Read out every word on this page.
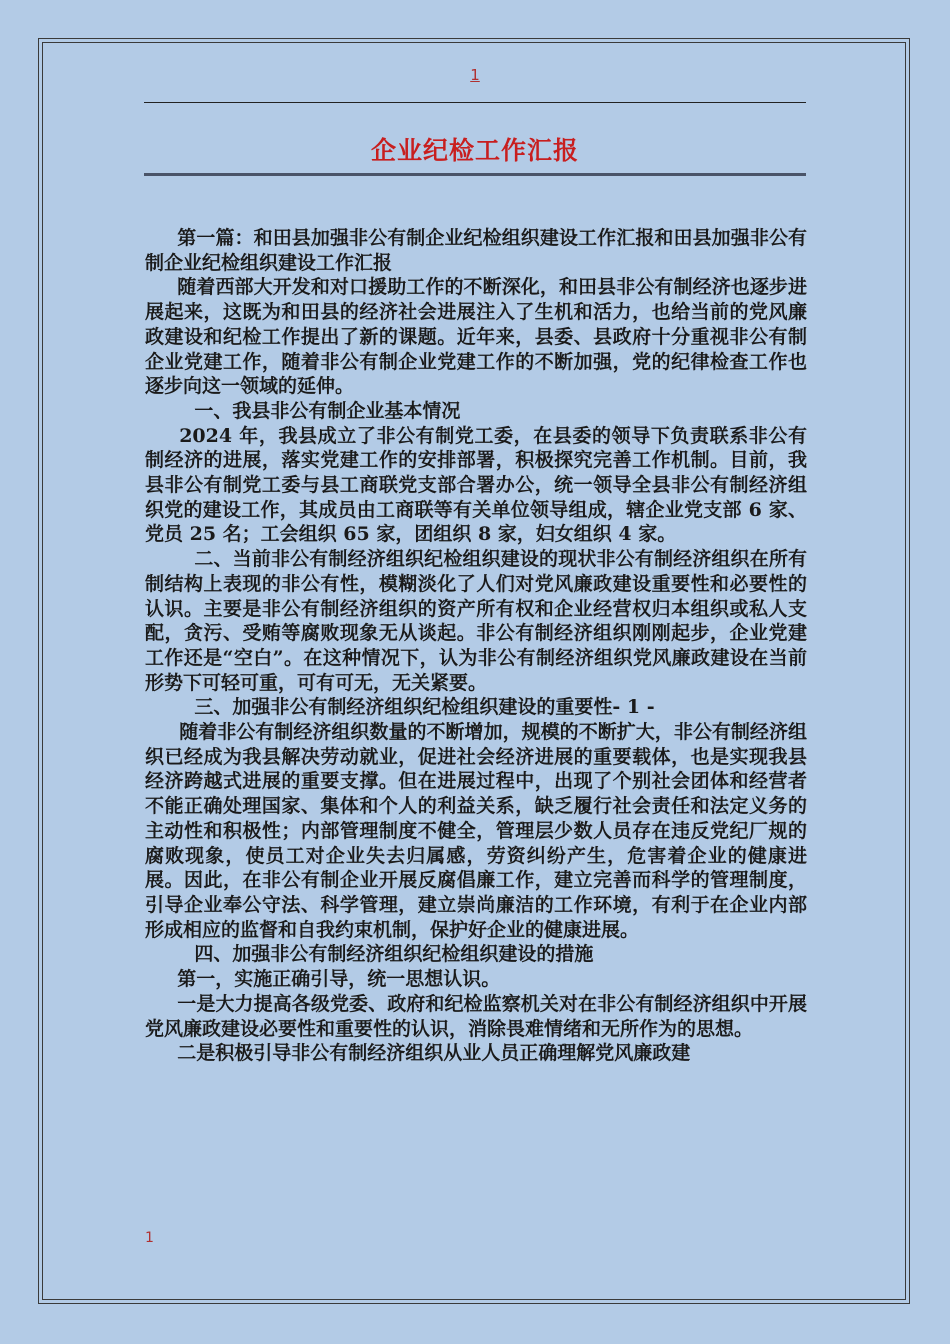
1
企业纪检工作汇报

第一篇：和田县加强非公有制企业纪检组织建设工作汇报和田县加强非公有制企业纪检组织建设工作汇报

随着西部大开发和对口援助工作的不断深化，和田县非公有制经济也逐步进展起来，这既为和田县的经济社会进展注入了生机和活力，也给当前的党风廉政建设和纪检工作提出了新的课题。近年来，县委、县政府十分重视非公有制企业党建工作，随着非公有制企业党建工作的不断加强，党的纪律检查工作也逐步向这一领域的延伸。

一、我县非公有制企业基本情况

2024 年，我县成立了非公有制党工委，在县委的领导下负责联系非公有制经济的进展，落实党建工作的安排部署，积极探究完善工作机制。目前，我县非公有制党工委与县工商联党支部合署办公，统一领导全县非公有制经济组织党的建设工作，其成员由工商联等有关单位领导组成，辖企业党支部 6 家、党员 25 名；工会组织 65 家，团组织 8 家，妇女组织 4 家。

二、当前非公有制经济组织纪检组织建设的现状非公有制经济组织在所有制结构上表现的非公有性，模糊淡化了人们对党风廉政建设重要性和必要性的认识。主要是非公有制经济组织的资产所有权和企业经营权归本组织或私人支配，贪污、受贿等腐败现象无从谈起。非公有制经济组织刚刚起步，企业党建工作还是“空白”。在这种情况下，认为非公有制经济组织党风廉政建设在当前形势下可轻可重，可有可无，无关紧要。

三、加强非公有制经济组织纪检组织建设的重要性- 1 -

随着非公有制经济组织数量的不断增加，规模的不断扩大，非公有制经济组织已经成为我县解决劳动就业，促进社会经济进展的重要载体，也是实现我县经济跨越式进展的重要支撑。但在进展过程中，出现了个别社会团体和经营者不能正确处理国家、集体和个人的利益关系，缺乏履行社会责任和法定义务的主动性和积极性；内部管理制度不健全，管理层少数人员存在违反党纪厂规的腐败现象，使员工对企业失去归属感，劳资纠纷产生，危害着企业的健康进展。因此，在非公有制企业开展反腐倡廉工作，建立完善而科学的管理制度，引导企业奉公守法、科学管理，建立崇尚廉洁的工作环境，有利于在企业内部形成相应的监督和自我约束机制，保护好企业的健康进展。

四、加强非公有制经济组织纪检组织建设的措施

第一，实施正确引导，统一思想认识。

一是大力提高各级党委、政府和纪检监察机关对在非公有制经济组织中开展党风廉政建设必要性和重要性的认识，消除畏难情绪和无所作为的思想。

二是积极引导非公有制经济组织从业人员正确理解党风廉政建

1
